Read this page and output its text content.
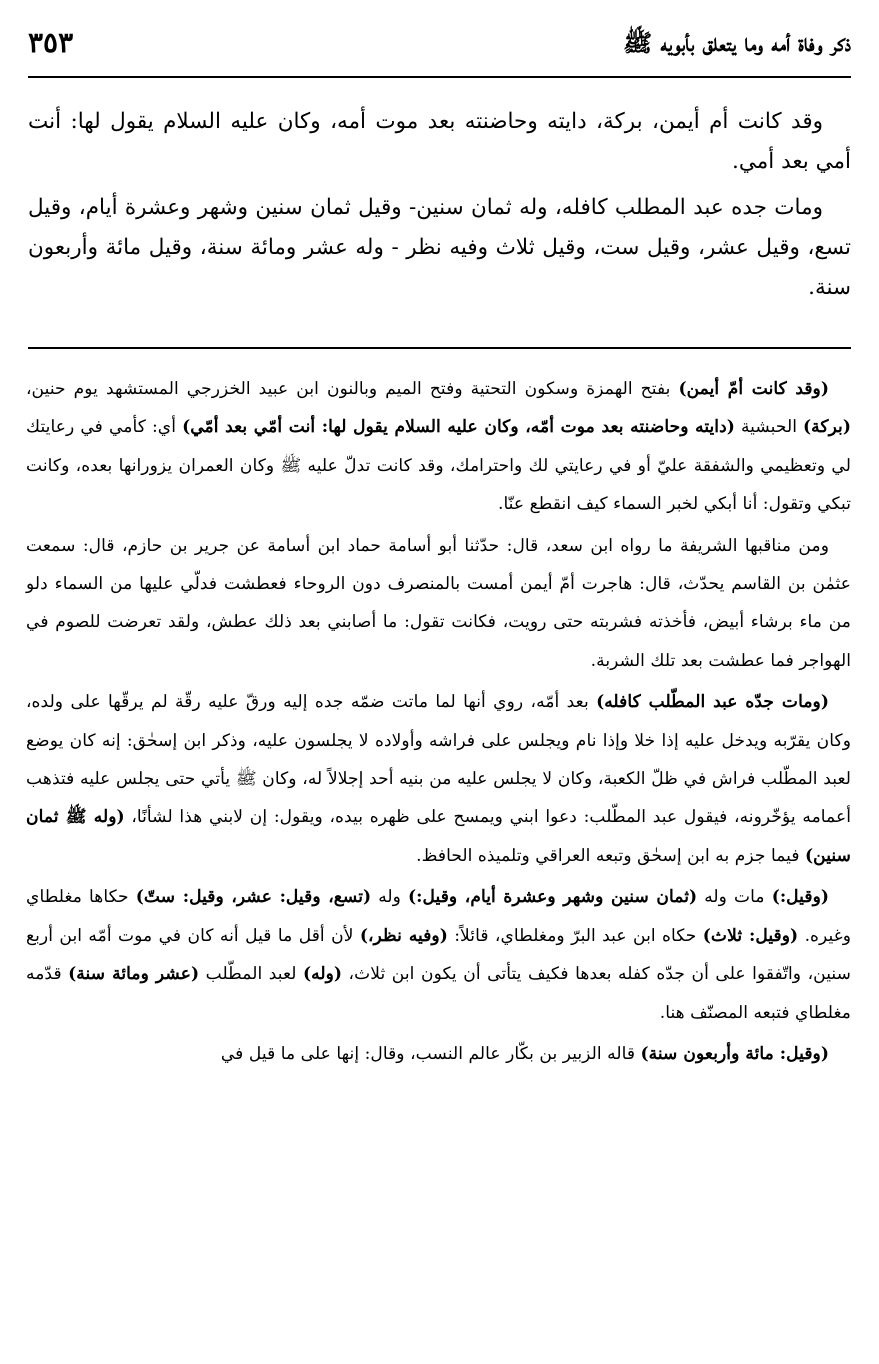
ذكر وفاة أمه وما يتعلق بأبويه ﷺ
٣٥٣

وقد كانت أم أيمن، بركة، دايته وحاضنته بعد موت أمه، وكان عليه السلام يقول لها: أنت أمي بعد أمي.

ومات جده عبد المطلب كافله، وله ثمان سنين- وقيل ثمان سنين وشهر وعشرة أيام، وقيل تسع، وقيل عشر، وقيل ست، وقيل ثلاث وفيه نظر - وله عشر ومائة سنة، وقيل مائة وأربعون سنة.

(وقد كانت أمّ أيمن) بفتح الهمزة وسكون التحتية وفتح الميم وبالنون ابن عبيد الخزرجي المستشهد يوم حنين، (بركة) الحبشية (دايته وحاضنته بعد موت أمّه، وكان عليه السلام يقول لها: أنت أمّي بعد أمّي) أي: كأمي في رعايتك لي وتعظيمي والشفقة عليّ أو في رعايتي لك واحترامك، وقد كانت تدلّ عليه ﷺ وكان العمران يزورانها بعده، وكانت تبكي وتقول: أنا أبكي لخبر السماء كيف انقطع عنّا.

ومن مناقبها الشريفة ما رواه ابن سعد، قال: حدّثنا أبو أسامة حماد ابن أسامة عن جرير بن حازم، قال: سمعت عثمٰن بن القاسم يحدّث، قال: هاجرت أمّ أيمن أمست بالمنصرف دون الروحاء فعطشت فدلّي عليها من السماء دلو من ماء برشاء أبيض، فأخذته فشربته حتى رويت، فكانت تقول: ما أصابني بعد ذلك عطش، ولقد تعرضت للصوم في الهواجر فما عطشت بعد تلك الشربة.

(ومات جدّه عبد المطّلب كافله) بعد أمّه، روي أنها لما ماتت ضمّه جده إليه ورقّ عليه رقّة لم يرقّها على ولده، وكان يقرّبه ويدخل عليه إذا خلا وإذا نام ويجلس على فراشه وأولاده لا يجلسون عليه، وذكر ابن إسحٰق: إنه كان يوضع لعبد المطّلب فراش في ظلّ الكعبة، وكان لا يجلس عليه من بنيه أحد إجلالاً له، وكان ﷺ يأتي حتى يجلس عليه فتذهب أعمامه يؤخّرونه، فيقول عبد المطّلب: دعوا ابني ويمسح على ظهره بيده، ويقول: إن لابني هذا لشأنًا، (وله ﷺ ثمان سنين) فيما جزم به ابن إسحٰق وتبعه العراقي وتلميذه الحافظ.

(وقيل:) مات وله (ثمان سنين وشهر وعشرة أيام، وقيل:) وله (تسع، وقيل: عشر، وقيل: ستّ) حكاها مغلطاي وغيره. (وقيل: ثلاث) حكاه ابن عبد البرّ ومغلطاي، قائلاً: (وفيه نظر،) لأن أقل ما قيل أنه كان في موت أمّه ابن أربع سنين، واتّفقوا على أن جدّه كفله بعدها فكيف يتأتى أن يكون ابن ثلاث، (وله) لعبد المطّلب (عشر ومائة سنة) قدّمه مغلطاي فتبعه المصنّف هنا.

(وقيل: مائة وأربعون سنة) قاله الزبير بن بكّار عالم النسب، وقال: إنها على ما قيل في
